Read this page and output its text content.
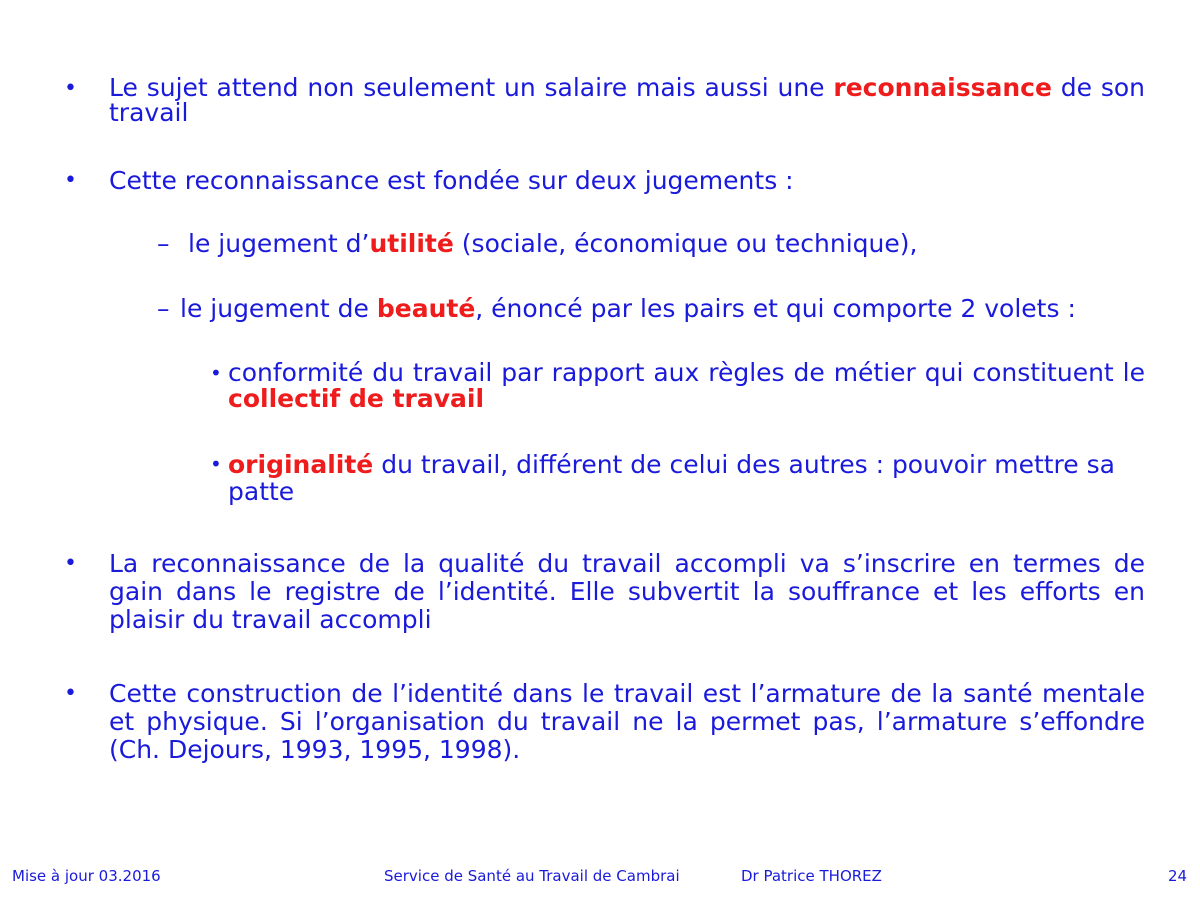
• Le sujet attend non seulement un salaire mais aussi une reconnaissance de son travail
• Cette reconnaissance est fondée sur deux jugements :
– le jugement d’utilité (sociale, économique ou technique),
– le jugement de beauté, énoncé par les pairs et qui comporte 2 volets :
• conformité du travail par rapport aux règles de métier qui constituent le collectif de travail
• originalité du travail, différent de celui des autres : pouvoir mettre sa patte
• La reconnaissance de la qualité du travail accompli va s’inscrire en termes de gain dans le registre de l’identité. Elle subvertit la souffrance et les efforts en plaisir du travail accompli
• Cette construction de l’identité dans le travail est l’armature de la santé mentale et physique. Si l’organisation du travail ne la permet pas, l’armature s’effondre (Ch. Dejours, 1993, 1995, 1998).
Mise à jour 03.2016	Service de Santé au Travail de Cambrai	Dr Patrice THOREZ	24
